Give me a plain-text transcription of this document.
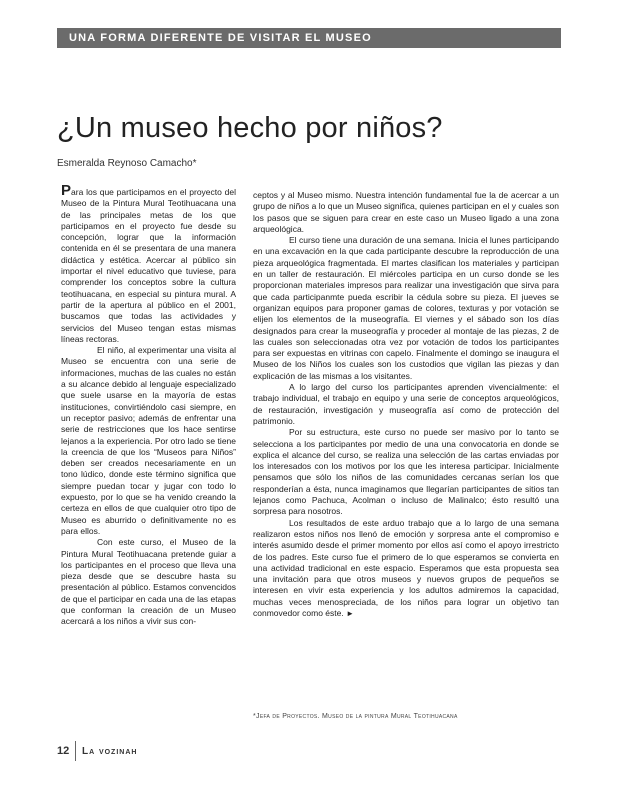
UNA FORMA DIFERENTE DE VISITAR EL MUSEO
¿Un museo hecho por niños?
Esmeralda Reynoso Camacho*

Para los que participamos en el proyecto del Museo de la Pintura Mural Teotihuacana una de las principales metas de los que participamos en el proyecto fue desde su concepción, lograr que la información contenida en él se presentara de una manera didáctica y estética. Acercar al público sin importar el nivel educativo que tuviese, para comprender los conceptos sobre la cultura teotihuacana, en especial su pintura mural. A partir de la apertura al público en el 2001, buscamos que todas las actividades y servicios del Museo tengan estas mismas líneas rectoras.

El niño, al experimentar una visita al Museo se encuentra con una serie de informaciones, muchas de las cuales no están a su alcance debido al lenguaje especializado que suele usarse en la mayoría de estas instituciones, convirtiéndolo casi siempre, en un receptor pasivo; además de enfrentar una serie de restricciones que los hace sentirse lejanos a la experiencia. Por otro lado se tiene la creencia de que los “Museos para Niños” deben ser creados necesariamente en un tono lúdico, donde este término significa que siempre puedan tocar y jugar con todo lo expuesto, por lo que se ha venido creando la certeza en ellos de que cualquier otro tipo de Museo es aburrido o definitivamente no es para ellos.

Con este curso, el Museo de la Pintura Mural Teotihuacana pretende guiar a los participantes en el proceso que lleva una pieza desde que se descubre hasta su presentación al público. Estamos convencidos de que el participar en cada una de las etapas que conforman la creación de un Museo acercará a los niños a vivir sus con-

ceptos y al Museo mismo. Nuestra intención fundamental fue la de acercar a un grupo de niños a lo que un Museo significa, quienes participan en el y cuales son los pasos que se siguen para crear en este caso un Museo ligado a una zona arqueológica.

El curso tiene una duración de una semana. Inicia el lunes participando en una excavación en la que cada participante descubre la reproducción de una pieza arqueológica fragmentada. El martes clasifican los materiales y participan en un taller de restauración. El miércoles participa en un curso donde se les proporcionan materiales impresos para realizar una investigación que sirva para que cada participanmte pueda escribir la cédula sobre su pieza. El jueves se organizan equipos para proponer gamas de colores, texturas y por votación se elijen los elementos de la museografía. El viernes y el sábado son los días designados para crear la museografía y proceder al montaje de las piezas, 2 de las cuales son seleccionadas otra vez por votación de todos los participantes para ser expuestas en vitrinas con capelo. Finalmente el domingo se inaugura el Museo de los Niños los cuales son los custodios que vigilan las piezas y dan explicación de las mismas a los visitantes.

A lo largo del curso los participantes aprenden vivencialmente: el trabajo individual, el trabajo en equipo y una serie de conceptos arqueológicos, de restauración, investigación y museografía así como de protección del patrimonio.

Por su estructura, este curso no puede ser masivo por lo tanto se selecciona a los participantes por medio de una una convocatoria en donde se explica el alcance del curso, se realiza una selección de las cartas enviadas por los interesados con los motivos por los que les interesa participar. Inicialmente pensamos que sólo los niños de las comunidades cercanas serían los que responderían a ésta, nunca imaginamos que llegarían participantes de sitios tan lejanos como Pachuca, Acolman o incluso de Malinalco; ésto resultó una sorpresa para nosotros.

Los resultados de este arduo trabajo que a lo largo de una semana realizaron estos niños nos llenó de emoción y sorpresa ante el compromiso e interés asumido desde el primer momento por ellos así como el apoyo irrestricto de los padres. Este curso fue el primero de lo que esperamos se convierta en una actividad tradicional en este espacio. Esperamos que esta propuesta sea una invitación para que otros museos y nuevos grupos de pequeños se interesen en vivir esta experiencia y los adultos admiremos la capacidad, muchas veces menospreciada, de los niños para lograr un objetivo tan conmovedor como éste. ►

*Jefa de Proyectos. Museo de la pintura Mural Teotihuacana
12 La vozinah
